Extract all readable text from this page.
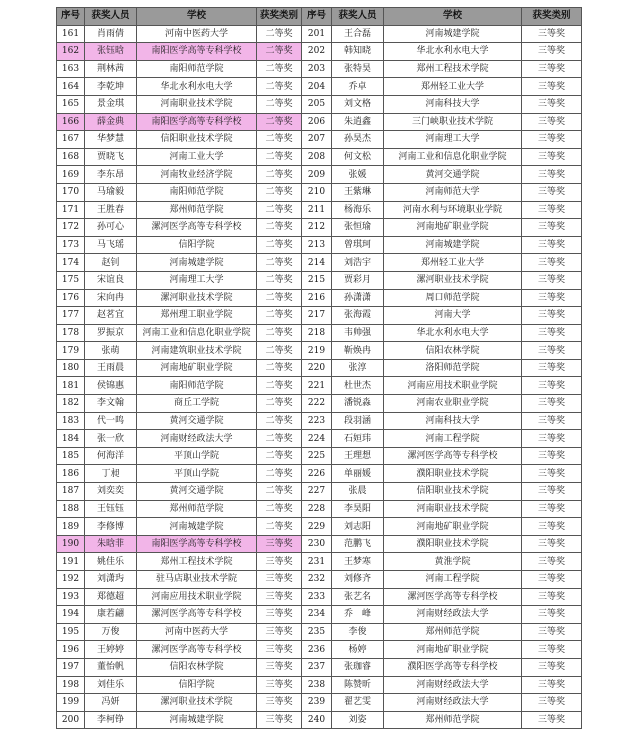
序号	获奖人员	学校	获奖类别	序号	获奖人员	学校	获奖类别
161	肖雨倩	河南中医药大学	二等奖	201	王合磊	河南城建学院	三等奖
162	张钰晗	南阳医学高等专科学校	二等奖	202	韩知晓	华北水利水电大学	三等奖
163	荆林茜	南阳师范学院	二等奖	203	张特昊	郑州工程技术学院	三等奖
164	李乾坤	华北水利水电大学	二等奖	204	乔卓	郑州轻工业大学	三等奖
165	景金琪	河南职业技术学院	二等奖	205	刘文格	河南科技大学	三等奖
166	薛金典	南阳医学高等专科学校	二等奖	206	朱逍鑫	三门峡职业技术学院	三等奖
167	华梦慧	信阳职业技术学院	二等奖	207	孙昊杰	河南理工大学	三等奖
168	贾晓飞	河南工业大学	二等奖	208	何文松	河南工业和信息化职业学院	三等奖
169	李东昂	河南牧业经济学院	二等奖	209	张媛	黄河交通学院	三等奖
170	马瑜毅	南阳师范学院	二等奖	210	王紫琳	河南师范大学	三等奖
171	王胜春	郑州师范学院	二等奖	211	杨海乐	河南水利与环境职业学院	三等奖
172	孙可心	漯河医学高等专科学校	二等奖	212	张恒瑜	河南地矿职业学院	三等奖
173	马飞瑶	信阳学院	二等奖	213	曾琪珂	河南城建学院	三等奖
174	赵钊	河南城建学院	二等奖	214	刘浩宇	郑州轻工业大学	三等奖
175	宋谊良	河南理工大学	二等奖	215	贾彩月	漯河职业技术学院	三等奖
176	宋向冉	漯河职业技术学院	二等奖	216	孙潇潇	周口师范学院	三等奖
177	赵茗宜	郑州理工职业学院	二等奖	217	张海霞	河南大学	三等奖
178	罗振京	河南工业和信息化职业学院	二等奖	218	韦帅强	华北水利水电大学	三等奖
179	张萌	河南建筑职业技术学院	二等奖	219	靳焕冉	信阳农林学院	三等奖
180	王雨晨	河南地矿职业学院	二等奖	220	张淳	洛阳师范学院	三等奖
181	侯锦惠	南阳师范学院	二等奖	221	杜世杰	河南应用技术职业学院	三等奖
182	李文翰	商丘工学院	二等奖	222	潘锐淼	河南农业职业学院	三等奖
183	代一鸣	黄河交通学院	二等奖	223	段羽涵	河南科技大学	三等奖
184	张一欣	河南财经政法大学	二等奖	224	石姮玮	河南工程学院	三等奖
185	何海洋	平顶山学院	二等奖	225	王理想	漯河医学高等专科学校	三等奖
186	丁昶	平顶山学院	二等奖	226	单丽媛	濮阳职业技术学院	三等奖
187	刘奕奕	黄河交通学院	二等奖	227	张晨	信阳职业技术学院	三等奖
188	王钰钰	郑州师范学院	二等奖	228	李昊阳	河南职业技术学院	三等奖
189	李修博	河南城建学院	二等奖	229	刘志阳	河南地矿职业学院	三等奖
190	朱晗菲	南阳医学高等专科学校	三等奖	230	范鹏飞	濮阳职业技术学院	三等奖
191	姚佳乐	郑州工程技术学院	三等奖	231	王梦寒	黄淮学院	三等奖
192	刘潇玙	驻马店职业技术学院	三等奖	232	刘修齐	河南工程学院	三等奖
193	郑德超	河南应用技术职业学院	三等奖	233	张艺名	漯河医学高等专科学校	三等奖
194	康若翩	漯河医学高等专科学校	三等奖	234	乔　峰	河南财经政法大学	三等奖
195	万俊	河南中医药大学	三等奖	235	李俊	郑州师范学院	三等奖
196	王婷婷	漯河医学高等专科学校	三等奖	236	杨婷	河南地矿职业学院	三等奖
197	董怡帆	信阳农林学院	三等奖	237	张珈睿	濮阳医学高等专科学校	三等奖
198	刘佳乐	信阳学院	三等奖	238	陈赞昕	河南财经政法大学	三等奖
199	冯妍	漯河职业技术学院	三等奖	239	翟艺雯	河南财经政法大学	三等奖
200	李柯铮	河南城建学院	三等奖	240	刘姿	郑州师范学院	三等奖
